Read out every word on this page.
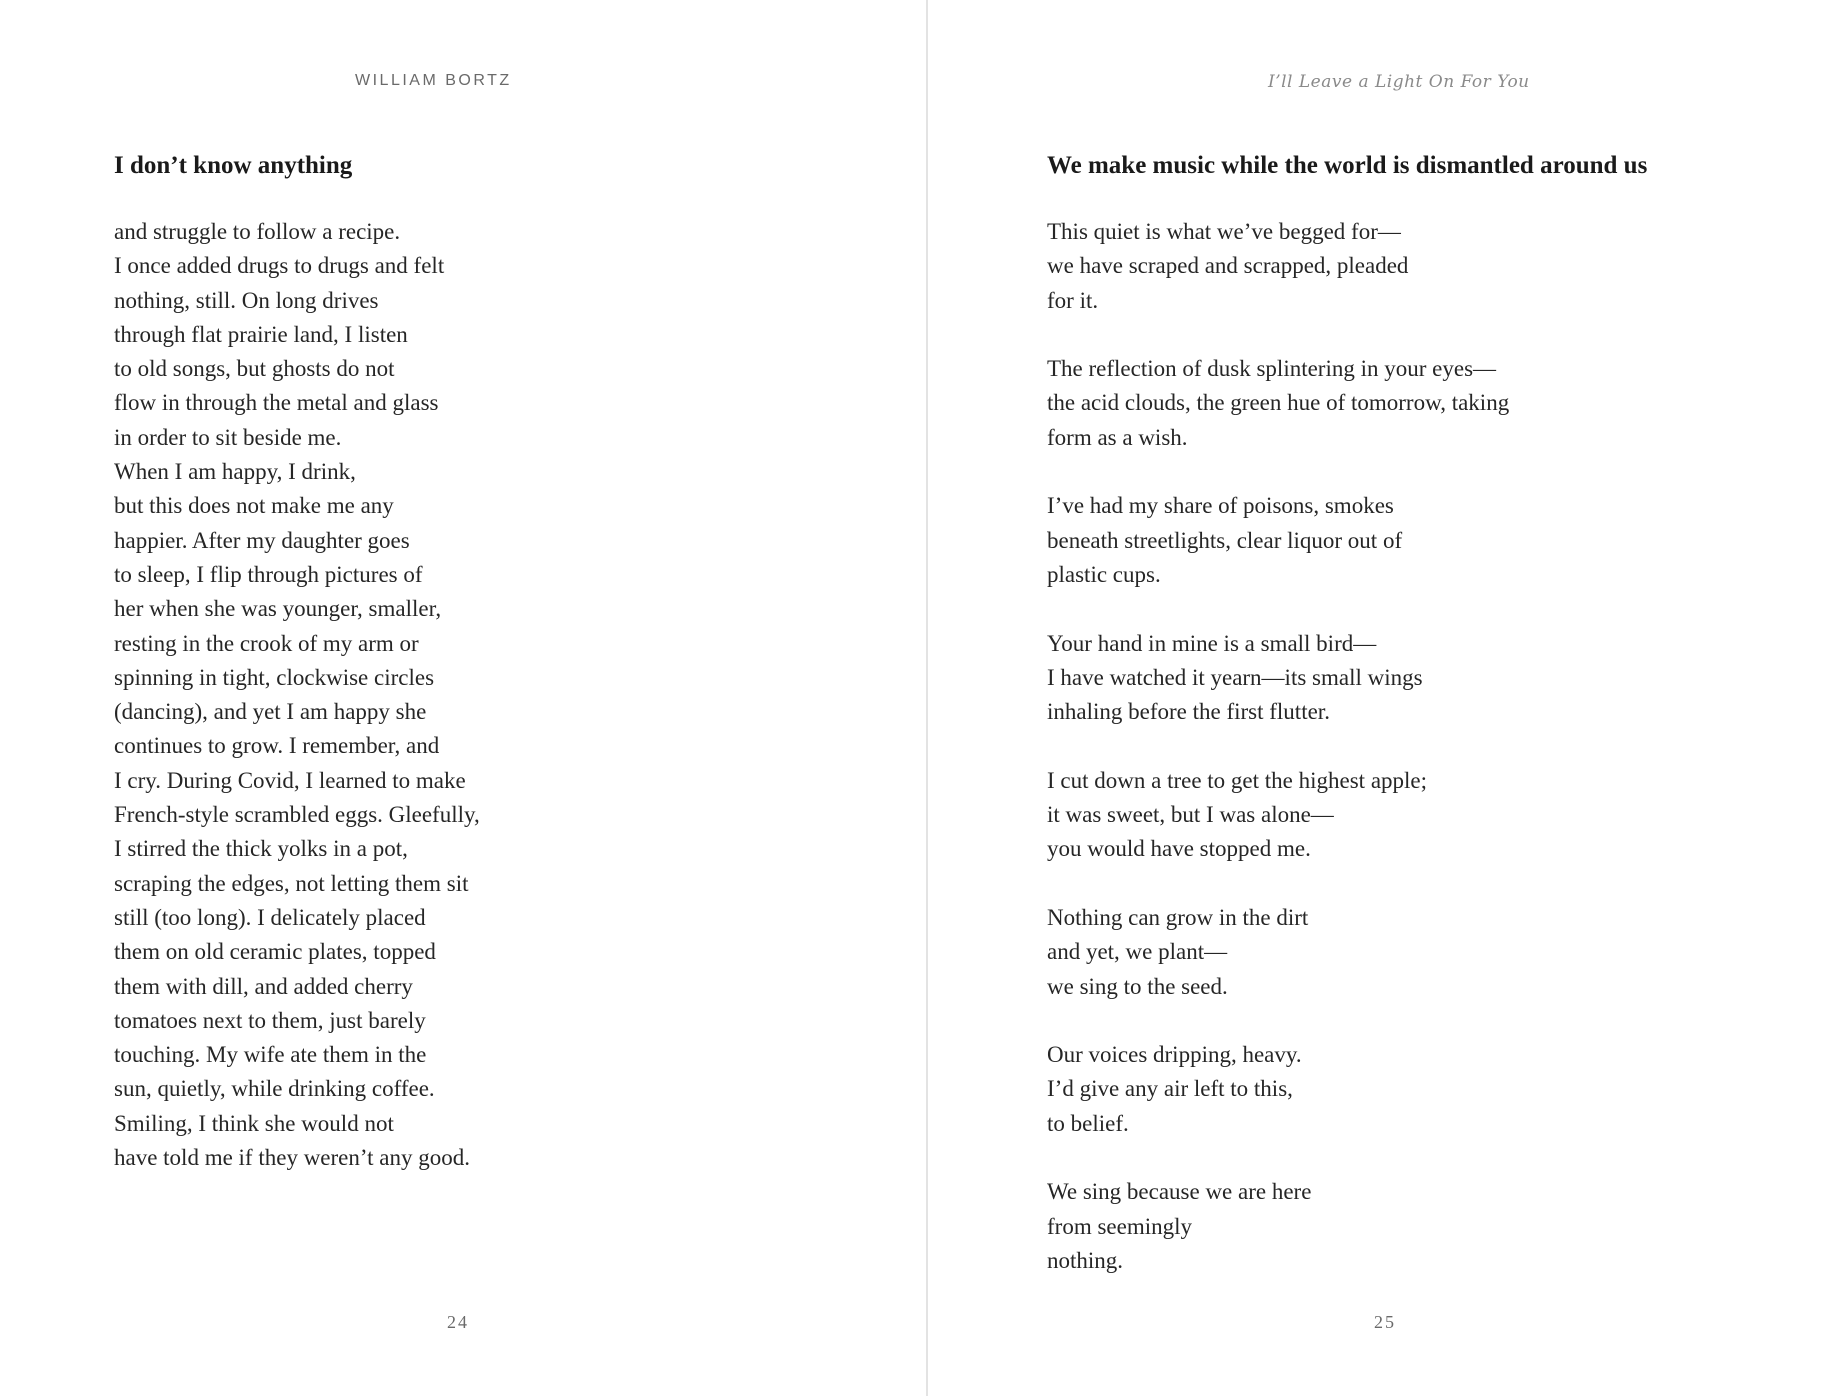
WILLIAM BORTZ
I don’t know anything
and struggle to follow a recipe.
I once added drugs to drugs and felt
nothing, still. On long drives
through flat prairie land, I listen
to old songs, but ghosts do not
flow in through the metal and glass
in order to sit beside me.
When I am happy, I drink,
but this does not make me any
happier. After my daughter goes
to sleep, I flip through pictures of
her when she was younger, smaller,
resting in the crook of my arm or
spinning in tight, clockwise circles
(dancing), and yet I am happy she
continues to grow. I remember, and
I cry. During Covid, I learned to make
French-style scrambled eggs. Gleefully,
I stirred the thick yolks in a pot,
scraping the edges, not letting them sit
still (too long). I delicately placed
them on old ceramic plates, topped
them with dill, and added cherry
tomatoes next to them, just barely
touching. My wife ate them in the
sun, quietly, while drinking coffee.
Smiling, I think she would not
have told me if they weren’t any good.
24
I’ll Leave a Light On For You
We make music while the world is dismantled around us
This quiet is what we’ve begged for—
we have scraped and scrapped, pleaded
for it.
The reflection of dusk splintering in your eyes—
the acid clouds, the green hue of tomorrow, taking
form as a wish.
I’ve had my share of poisons, smokes
beneath streetlights, clear liquor out of
plastic cups.
Your hand in mine is a small bird—
I have watched it yearn—its small wings
inhaling before the first flutter.
I cut down a tree to get the highest apple;
it was sweet, but I was alone—
you would have stopped me.
Nothing can grow in the dirt
and yet, we plant—
we sing to the seed.
Our voices dripping, heavy.
I’d give any air left to this,
to belief.
We sing because we are here
from seemingly
nothing.
25
